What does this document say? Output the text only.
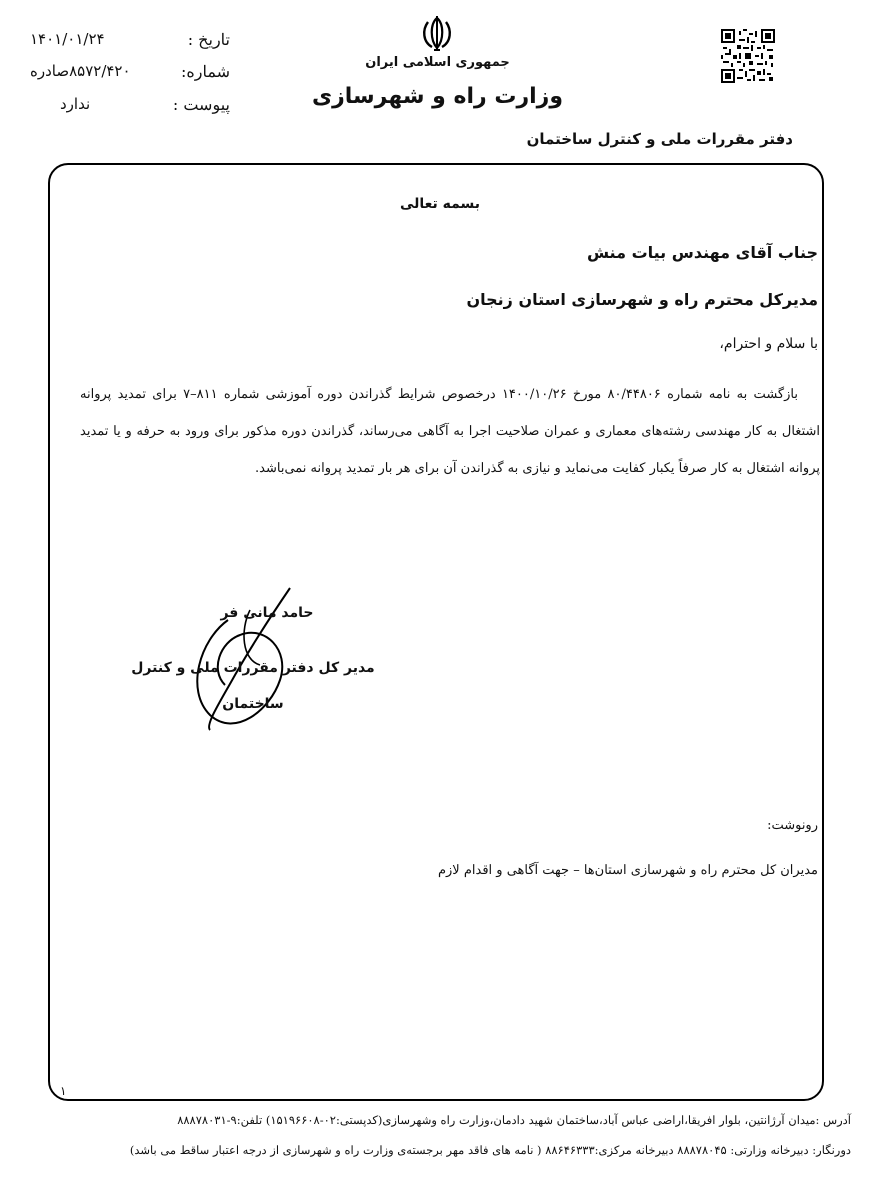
تاریخ :
۱۴۰۱/۰۱/۲۴
شماره:
۸۵۷۲/۴۲۰صادره
پیوست :
ندارد
جمهوری اسلامی ایران
وزارت راه و شهرسازی
دفتر مقررات ملی و کنترل ساختمان
بسمه تعالی
جناب آقای مهندس بیات منش
مدیرکل محترم راه و شهرسازی استان زنجان
با سلام و احترام،
بازگشت به نامه شماره ۸۰/۴۴۸۰۶ مورخ ۱۴۰۰/۱۰/۲۶ درخصوص شرایط گذراندن دوره آموزشی شماره ۸۱۱–۷ برای تمدید پروانه اشتغال به کار مهندسی رشته‌های معماری و عمران صلاحیت اجرا به آگاهی می‌رساند، گذراندن دوره مذکور برای ورود به حرفه و یا تمدید پروانه اشتغال به کار صرفاً یکبار کفایت می‌نماید و نیازی به گذراندن آن برای هر بار تمدید پروانه نمی‌باشد.
حامد مانی فر
مدیر کل دفتر مقررات ملی و کنترل ساختمان
رونوشت:
مدیران کل محترم راه و شهرسازی استان‌ها – جهت آگاهی و اقدام لازم
۱
آدرس :میدان آرژانتین، بلوار افریقا،اراضی عباس آباد،ساختمان شهید دادمان،وزارت راه وشهرسازی(کدپستی:۰۲-۱۵۱۹۶۶۰۸) تلفن:۹-۸۸۸۷۸۰۳۱
دورنگار: دبیرخانه وزارتی: ۸۸۸۷۸۰۴۵ دبیرخانه مرکزی:۸۸۶۴۶۳۳۳ ( نامه های فاقد مهر برجسته‌ی وزارت راه و شهرسازی از درجه اعتبار ساقط می باشد)
